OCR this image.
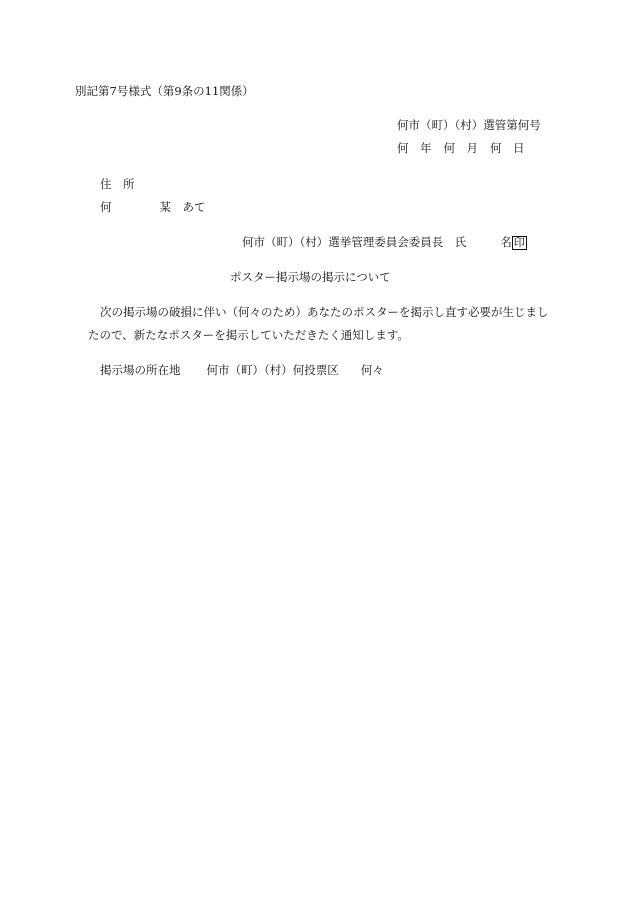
別記第7号様式（第9条の11関係）
何市（町）（村）選管第何号
何　年 何　月 何　日
住　所
何	某　あて
何市（町）（村）選挙管理委員会委員長　氏	名 印
ポスター掲示場の掲示について
次の掲示場の破損に伴い（何々のため）あなたのポスターを掲示し直す必要が生じまし
たので、新たなポスターを掲示していただきたく通知します。
掲示場の所在地 何市（町）（村）何投票区 何々
